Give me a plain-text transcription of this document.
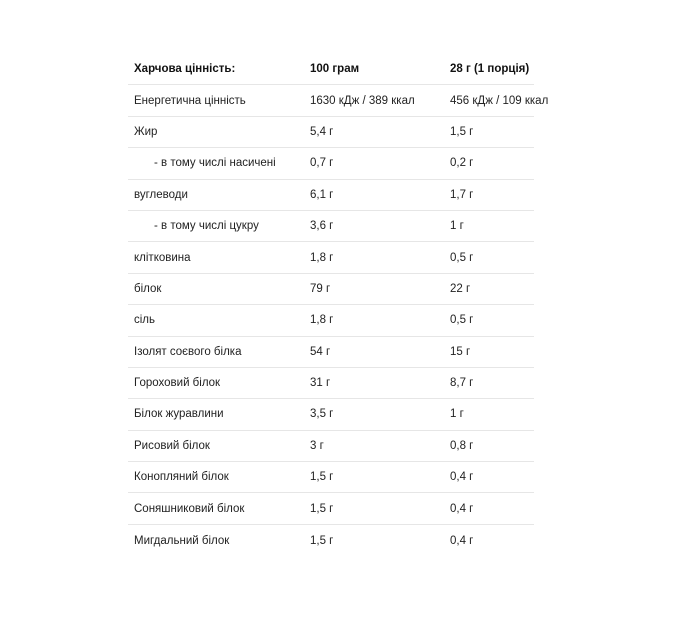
Харчова цінність:	100 грам	28 г (1 порція)
Енергетична цінність	1630 кДж / 389 ккал	456 кДж / 109 ккал
Жир	5,4 г	1,5 г
- в тому числі насичені	0,7 г	0,2 г
вуглеводи	6,1 г	1,7 г
- в тому числі цукру	3,6 г	1 г
клітковина	1,8 г	0,5 г
білок	79 г	22 г
сіль	1,8 г	0,5 г
Ізолят соєвого білка	54 г	15 г
Гороховий білок	31 г	8,7 г
Білок журавлини	3,5 г	1 г
Рисовий білок	3 г	0,8 г
Конопляний білок	1,5 г	0,4 г
Соняшниковий білок	1,5 г	0,4 г
Мигдальний білок	1,5 г	0,4 г
